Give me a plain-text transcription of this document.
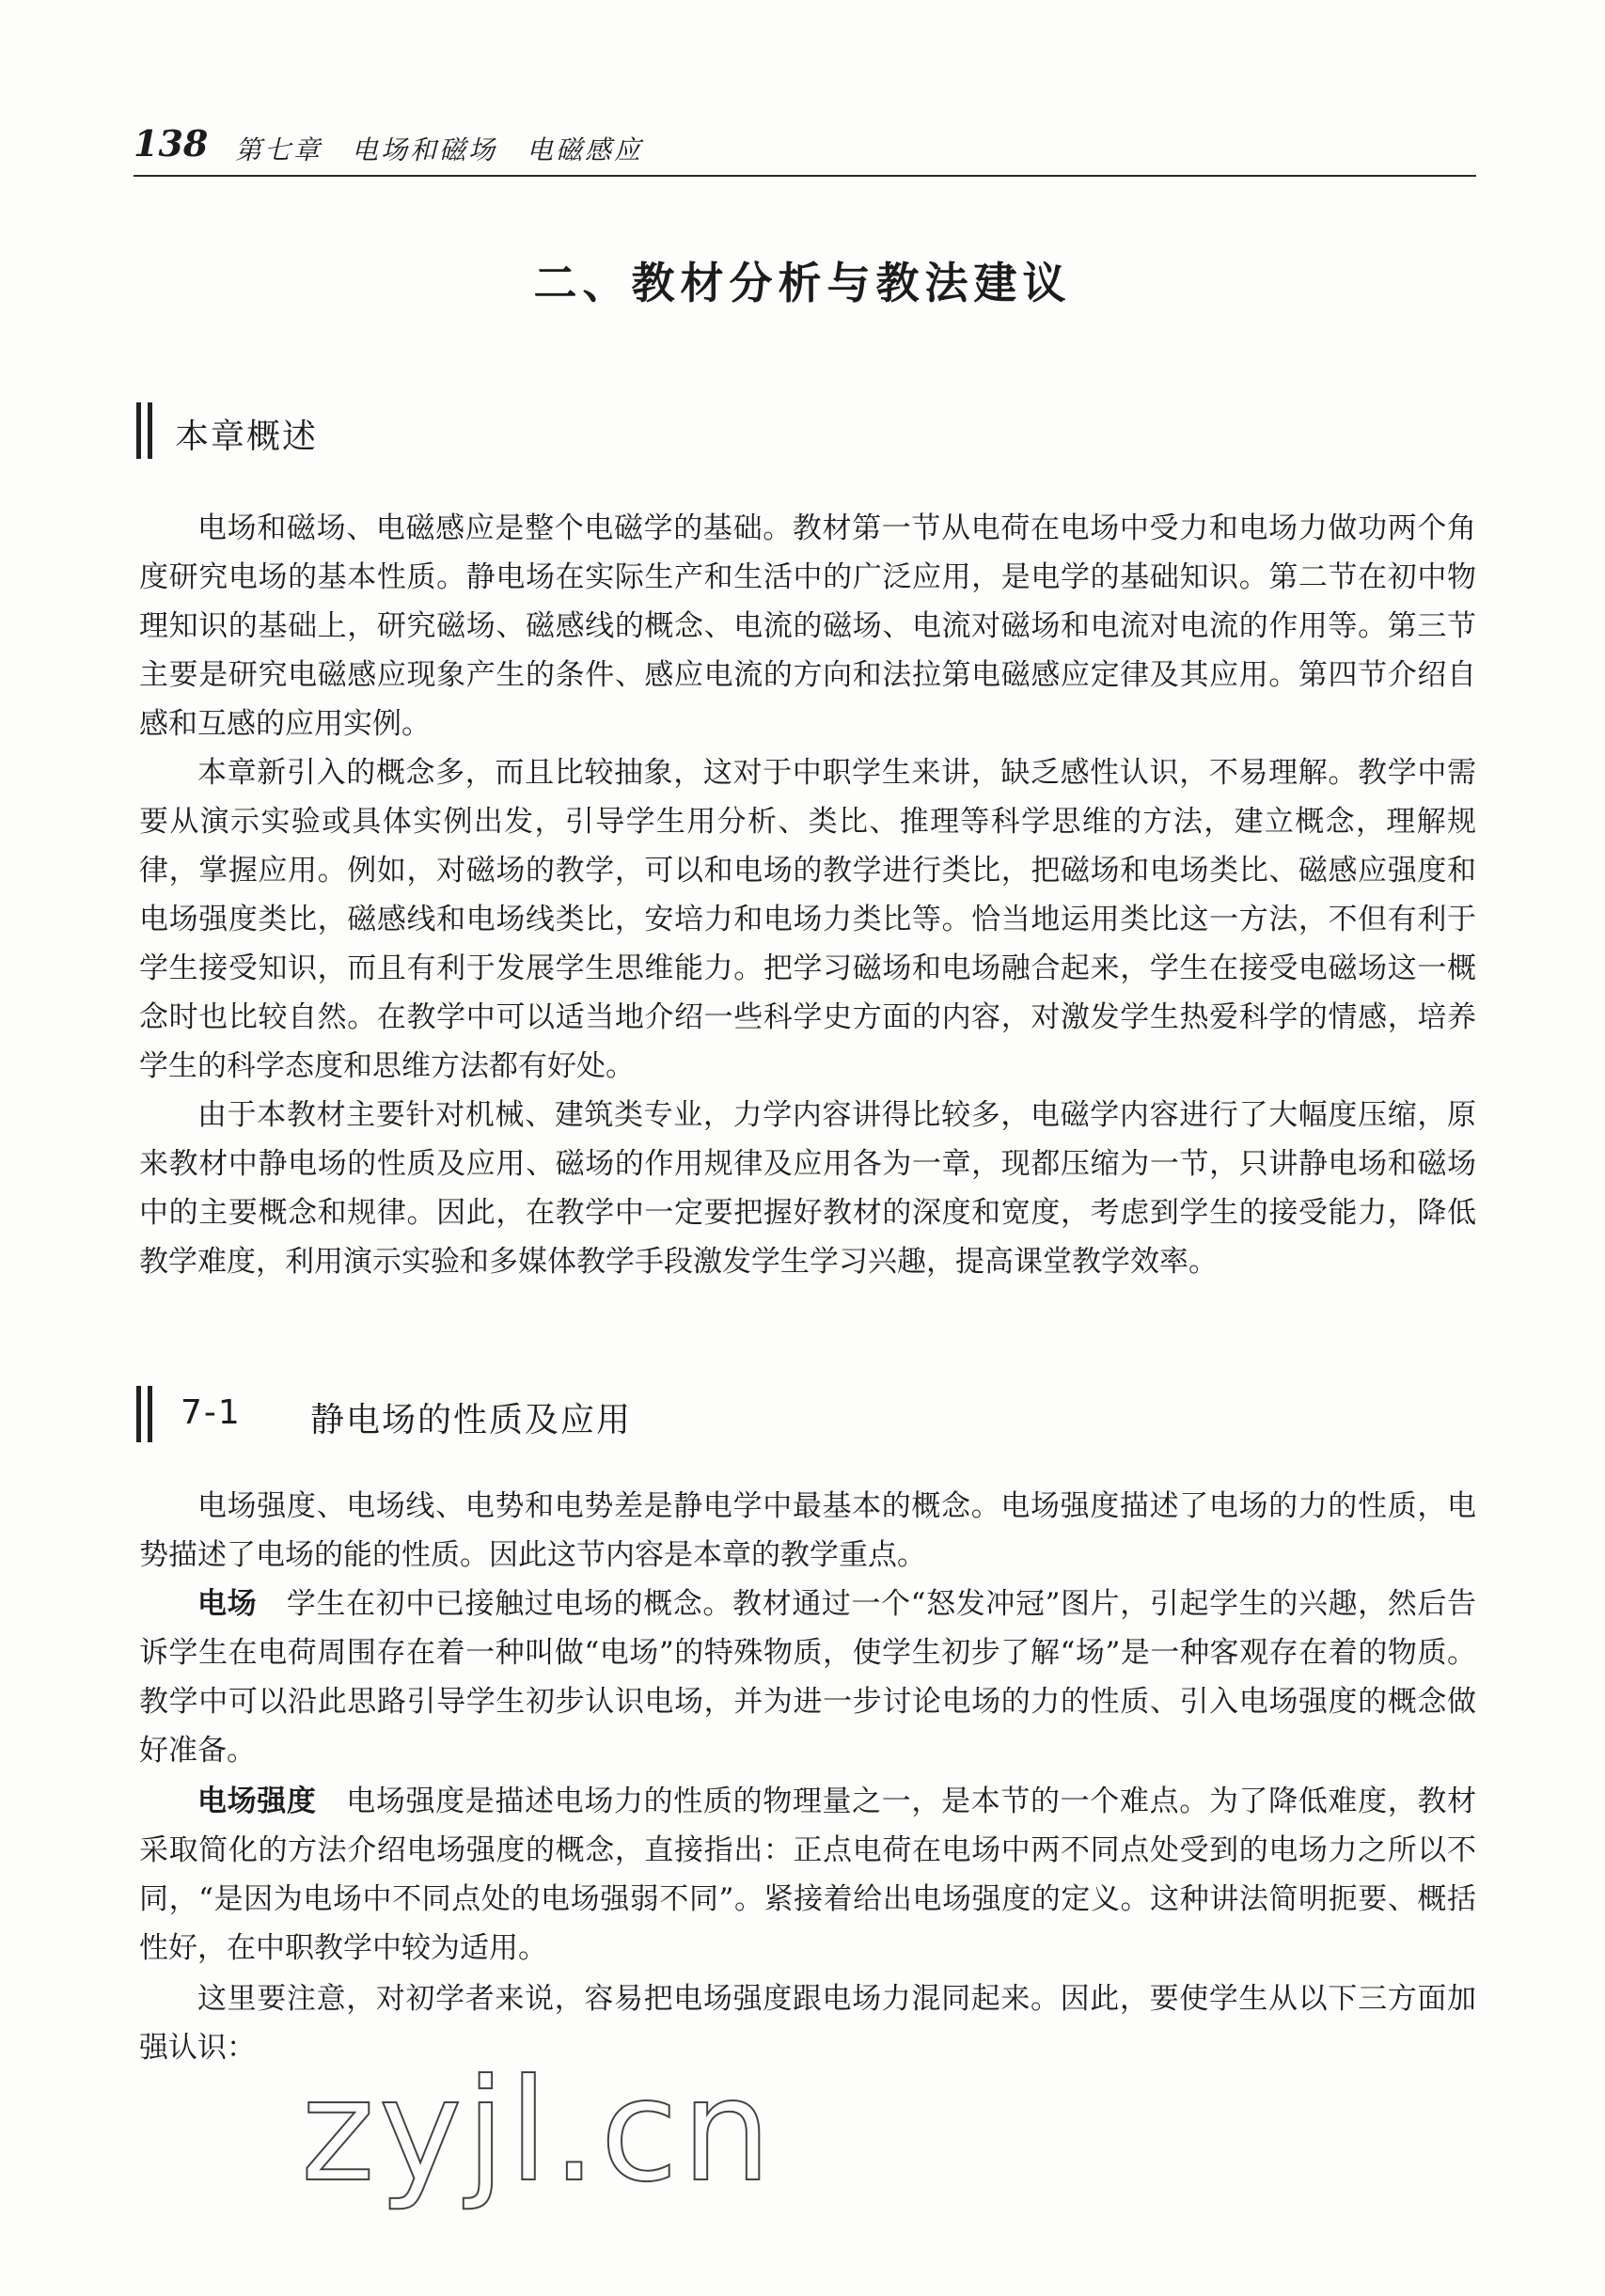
138 第七章　电场和磁场　电磁感应
二、教材分析与教法建议
本章概述

电场和磁场、电磁感应是整个电磁学的基础。教材第一节从电荷在电场中受力和电场力做功两个角度研究电场的基本性质。静电场在实际生产和生活中的广泛应用，是电学的基础知识。第二节在初中物理知识的基础上，研究磁场、磁感线的概念、电流的磁场、电流对磁场和电流对电流的作用等。第三节主要是研究电磁感应现象产生的条件、感应电流的方向和法拉第电磁感应定律及其应用。第四节介绍自感和互感的应用实例。

本章新引入的概念多，而且比较抽象，这对于中职学生来讲，缺乏感性认识，不易理解。教学中需要从演示实验或具体实例出发，引导学生用分析、类比、推理等科学思维的方法，建立概念，理解规律，掌握应用。例如，对磁场的教学，可以和电场的教学进行类比，把磁场和电场类比、磁感应强度和电场强度类比，磁感线和电场线类比，安培力和电场力类比等。恰当地运用类比这一方法，不但有利于学生接受知识，而且有利于发展学生思维能力。把学习磁场和电场融合起来，学生在接受电磁场这一概念时也比较自然。在教学中可以适当地介绍一些科学史方面的内容，对激发学生热爱科学的情感，培养学生的科学态度和思维方法都有好处。

由于本教材主要针对机械、建筑类专业，力学内容讲得比较多，电磁学内容进行了大幅度压缩，原来教材中静电场的性质及应用、磁场的作用规律及应用各为一章，现都压缩为一节，只讲静电场和磁场中的主要概念和规律。因此，在教学中一定要把握好教材的深度和宽度，考虑到学生的接受能力，降低教学难度，利用演示实验和多媒体教学手段激发学生学习兴趣，提高课堂教学效率。

7-1 静电场的性质及应用

电场强度、电场线、电势和电势差是静电学中最基本的概念。电场强度描述了电场的力的性质，电势描述了电场的能的性质。因此这节内容是本章的教学重点。

电场　学生在初中已接触过电场的概念。教材通过一个“怒发冲冠”图片，引起学生的兴趣，然后告诉学生在电荷周围存在着一种叫做“电场”的特殊物质，使学生初步了解“场”是一种客观存在着的物质。教学中可以沿此思路引导学生初步认识电场，并为进一步讨论电场的力的性质、引入电场强度的概念做好准备。

电场强度　电场强度是描述电场力的性质的物理量之一，是本节的一个难点。为了降低难度，教材采取简化的方法介绍电场强度的概念，直接指出：正点电荷在电场中两不同点处受到的电场力之所以不同，“是因为电场中不同点处的电场强弱不同”。紧接着给出电场强度的定义。这种讲法简明扼要、概括性好，在中职教学中较为适用。

这里要注意，对初学者来说，容易把电场强度跟电场力混同起来。因此，要使学生从以下三方面加强认识：

zyjl.cn
